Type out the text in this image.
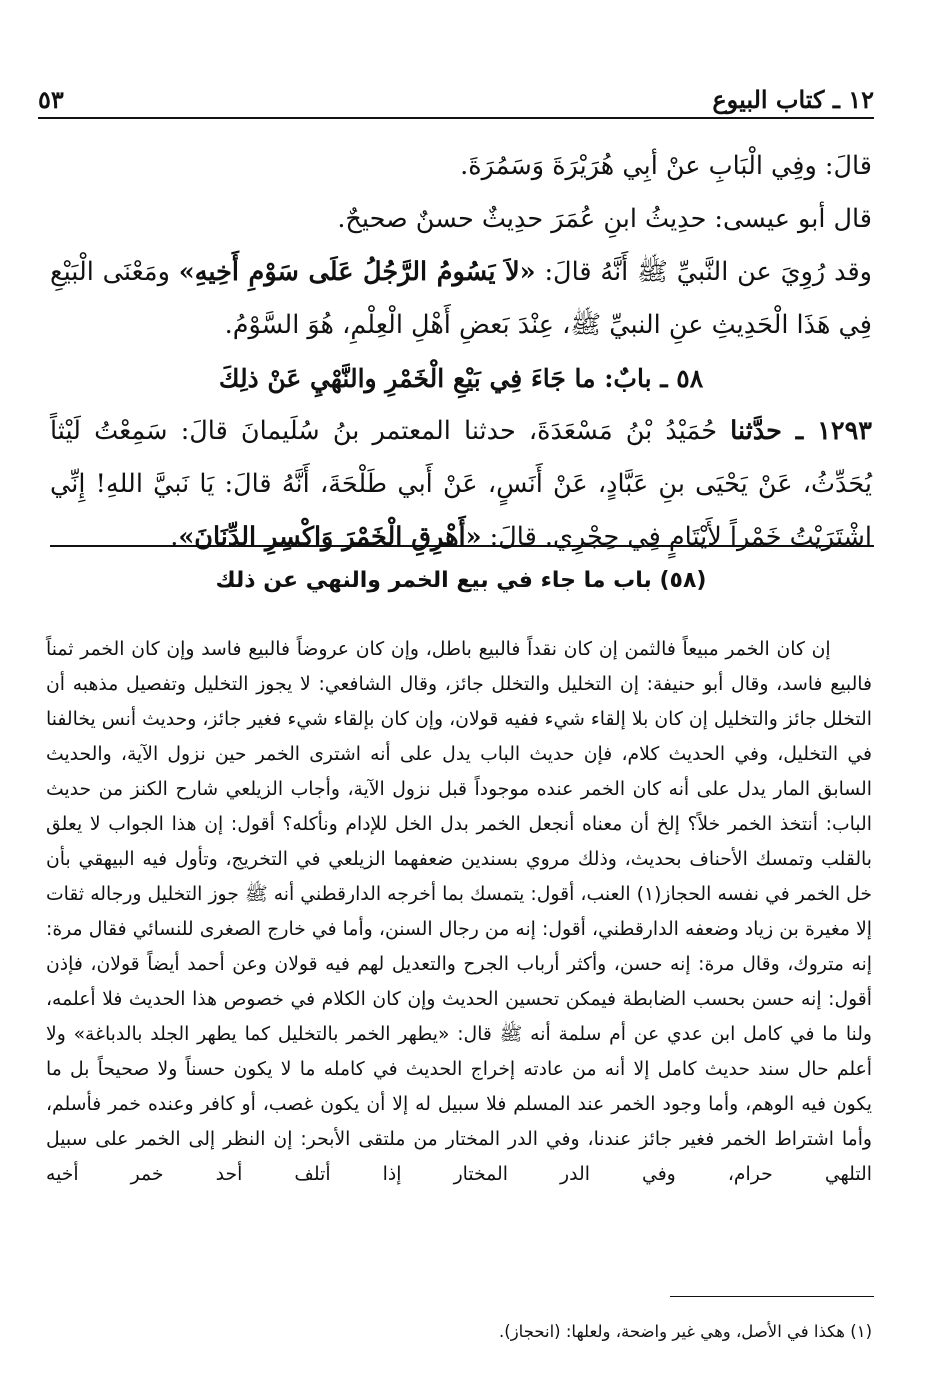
١٢ ـ كتاب البيوع
٥٣

قالَ: وفِي الْبَابِ عنْ أبِي هُرَيْرَةَ وَسَمُرَةَ.

قال أبو عيسى: حدِيثُ ابنِ عُمَرَ حدِيثٌ حسنٌ صحيحٌ.

وقد رُوِيَ عن النَّبيِّ ﷺ أَنَّهُ قالَ: «لاَ يَسُومُ الرَّجُلُ عَلَى سَوْمِ أَخِيهِ» ومَعْنَى الْبَيْعِ فِي هَذَا الْحَدِيثِ عنِ النبيِّ ﷺ، عِنْدَ بَعضِ أَهْلِ الْعِلْمِ، هُوَ السَّوْمُ.

٥٨ ـ بابٌ: ما جَاءَ فِي بَيْعِ الْخَمْرِ والنَّهْيِ عَنْ ذلِكَ

١٢٩٣ ـ حدَّثنا حُمَيْدُ بْنُ مَسْعَدَةَ، حدثنا المعتمر بنُ سُلَيمانَ قالَ: سَمِعْتُ لَيْثاً يُحَدِّثُ، عَنْ يَحْيَى بنِ عَبَّادٍ، عَنْ أَنَسٍ، عَنْ أَبي طَلْحَةَ، أَنَّهُ قالَ: يَا نَبيَّ اللهِ! إِنِّي اشْتَرَيْتُ خَمْراً لأَيْتَامٍ فِي حِجْرِي. قالَ: «أَهْرِقِ الْخَمْرَ وَاكْسِرِ الدِّنَانَ».

(٥٨) باب ما جاء في بيع الخمر والنهي عن ذلك

إن كان الخمر مبيعاً فالثمن إن كان نقداً فالبيع باطل، وإن كان عروضاً فالبيع فاسد وإن كان الخمر ثمناً فالبيع فاسد، وقال أبو حنيفة: إن التخليل والتخلل جائز، وقال الشافعي: لا يجوز التخليل وتفصيل مذهبه أن التخلل جائز والتخليل إن كان بلا إلقاء شيء ففيه قولان، وإن كان بإلقاء شيء فغير جائز، وحديث أنس يخالفنا في التخليل، وفي الحديث كلام، فإن حديث الباب يدل على أنه اشترى الخمر حين نزول الآية، والحديث السابق المار يدل على أنه كان الخمر عنده موجوداً قبل نزول الآية، وأجاب الزيلعي شارح الكنز من حديث الباب: أنتخذ الخمر خلاً؟ إلخ أن معناه أنجعل الخمر بدل الخل للإدام ونأكله؟ أقول: إن هذا الجواب لا يعلق بالقلب وتمسك الأحناف بحديث، وذلك مروي بسندين ضعفهما الزيلعي في التخريج، وتأول فيه البيهقي بأن خل الخمر في نفسه الحجاز(١) العنب، أقول: يتمسك بما أخرجه الدارقطني أنه ﷺ جوز التخليل ورجاله ثقات إلا مغيرة بن زياد وضعفه الدارقطني، أقول: إنه من رجال السنن، وأما في خارج الصغرى للنسائي فقال مرة: إنه متروك، وقال مرة: إنه حسن، وأكثر أرباب الجرح والتعديل لهم فيه قولان وعن أحمد أيضاً قولان، فإذن أقول: إنه حسن بحسب الضابطة فيمكن تحسين الحديث وإن كان الكلام في خصوص هذا الحديث فلا أعلمه، ولنا ما في كامل ابن عدي عن أم سلمة أنه ﷺ قال: «يطهر الخمر بالتخليل كما يطهر الجلد بالدباغة» ولا أعلم حال سند حديث كامل إلا أنه من عادته إخراج الحديث في كامله ما لا يكون حسناً ولا صحيحاً بل ما يكون فيه الوهم، وأما وجود الخمر عند المسلم فلا سبيل له إلا أن يكون غصب، أو كافر وعنده خمر فأسلم، وأما اشتراط الخمر فغير جائز عندنا، وفي الدر المختار من ملتقى الأبحر: إن النظر إلى الخمر على سبيل التلهي حرام، وفي الدر المختار إذا أتلف أحد خمر أخيه

(١) هكذا في الأصل، وهي غير واضحة، ولعلها: (انحجاز).
